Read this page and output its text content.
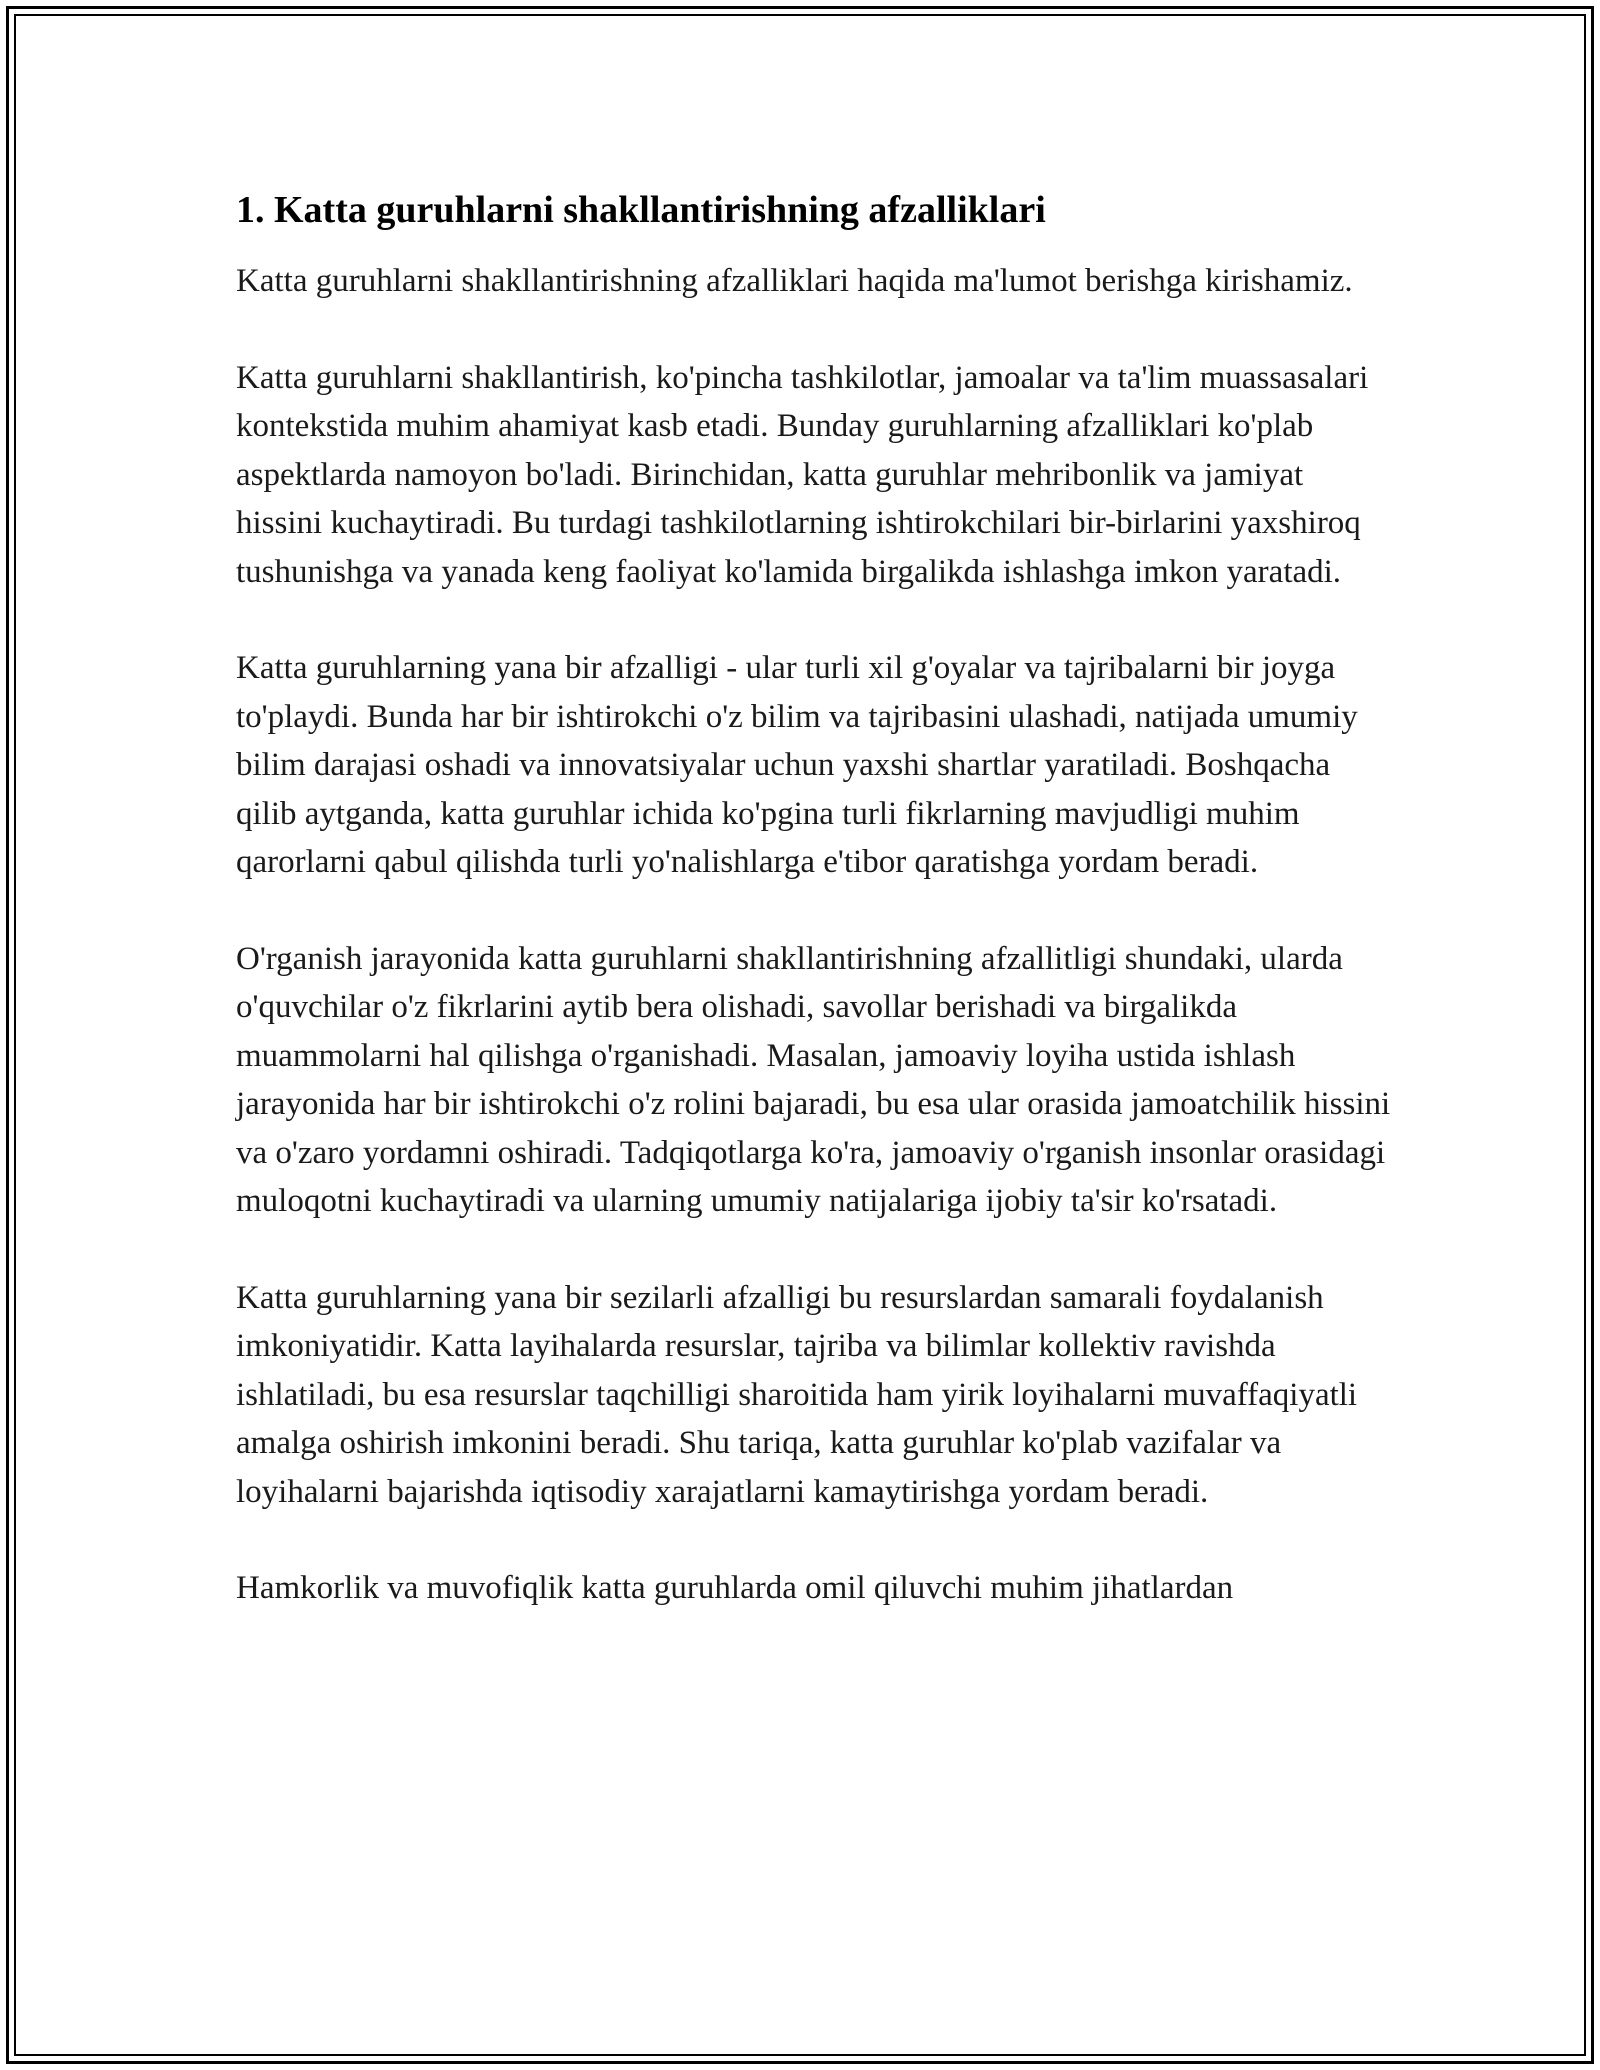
1. Katta guruhlarni shakllantirishning afzalliklari

Katta guruhlarni shakllantirishning afzalliklari haqida ma'lumot berishga kirishamiz.

Katta guruhlarni shakllantirish, ko'pincha tashkilotlar, jamoalar va ta'lim muassasalari kontekstida muhim ahamiyat kasb etadi. Bunday guruhlarning afzalliklari ko'plab aspektlarda namoyon bo'ladi. Birinchidan, katta guruhlar mehribonlik va jamiyat hissini kuchaytiradi. Bu turdagi tashkilotlarning ishtirokchilari bir-birlarini yaxshiroq tushunishga va yanada keng faoliyat ko'lamida birgalikda ishlashga imkon yaratadi.

Katta guruhlarning yana bir afzalligi - ular turli xil g'oyalar va tajribalarni bir joyga to'playdi. Bunda har bir ishtirokchi o'z bilim va tajribasini ulashadi, natijada umumiy bilim darajasi oshadi va innovatsiyalar uchun yaxshi shartlar yaratiladi. Boshqacha qilib aytganda, katta guruhlar ichida ko'pgina turli fikrlarning mavjudligi muhim qarorlarni qabul qilishda turli yo'nalishlarga e'tibor qaratishga yordam beradi.

O'rganish jarayonida katta guruhlarni shakllantirishning afzallitligi shundaki, ularda o'quvchilar o'z fikrlarini aytib bera olishadi, savollar berishadi va birgalikda muammolarni hal qilishga o'rganishadi. Masalan, jamoaviy loyiha ustida ishlash jarayonida har bir ishtirokchi o'z rolini bajaradi, bu esa ular orasida jamoatchilik hissini va o'zaro yordamni oshiradi. Tadqiqotlarga ko'ra, jamoaviy o'rganish insonlar orasidagi muloqotni kuchaytiradi va ularning umumiy natijalariga ijobiy ta'sir ko'rsatadi.

Katta guruhlarning yana bir sezilarli afzalligi bu resurslardan samarali foydalanish imkoniyatidir. Katta layihalarda resurslar, tajriba va bilimlar kollektiv ravishda ishlatiladi, bu esa resurslar taqchilligi sharoitida ham yirik loyihalarni muvaffaqiyatli amalga oshirish imkonini beradi. Shu tariqa, katta guruhlar ko'plab vazifalar va loyihalarni bajarishda iqtisodiy xarajatlarni kamaytirishga yordam beradi.

Hamkorlik va muvofiqlik katta guruhlarda omil qiluvchi muhim jihatlardan
